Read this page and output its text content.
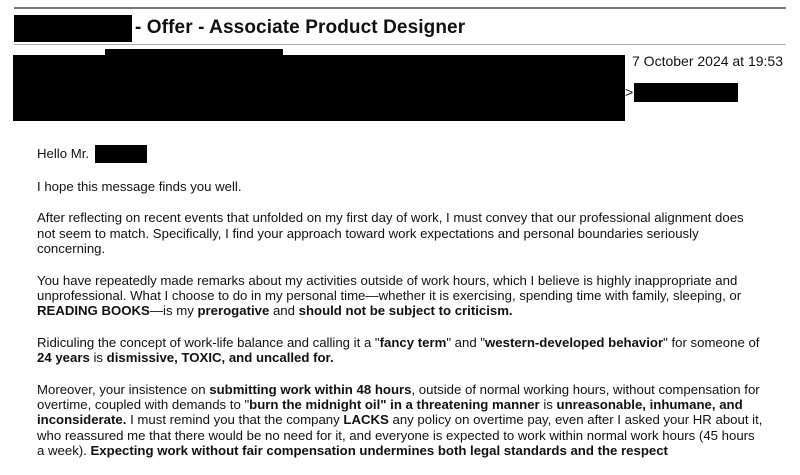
- Offer - Associate Product Designer
7 October 2024 at 19:53
>

Hello Mr.

I hope this message finds you well.

After reflecting on recent events that unfolded on my first day of work, I must convey that our professional alignment does not seem to match. Specifically, I find your approach toward work expectations and personal boundaries seriously concerning.

You have repeatedly made remarks about my activities outside of work hours, which I believe is highly inappropriate and unprofessional. What I choose to do in my personal time—whether it is exercising, spending time with family, sleeping, or READING BOOKS—is my prerogative and should not be subject to criticism.

Ridiculing the concept of work-life balance and calling it a "fancy term" and "western-developed behavior" for someone of 24 years is dismissive, TOXIC, and uncalled for.

Moreover, your insistence on submitting work within 48 hours, outside of normal working hours, without compensation for overtime, coupled with demands to "burn the midnight oil" in a threatening manner is unreasonable, inhumane, and inconsiderate. I must remind you that the company LACKS any policy on overtime pay, even after I asked your HR about it, who reassured me that there would be no need for it, and everyone is expected to work within normal work hours (45 hours a week). Expecting work without fair compensation undermines both legal standards and the respect
